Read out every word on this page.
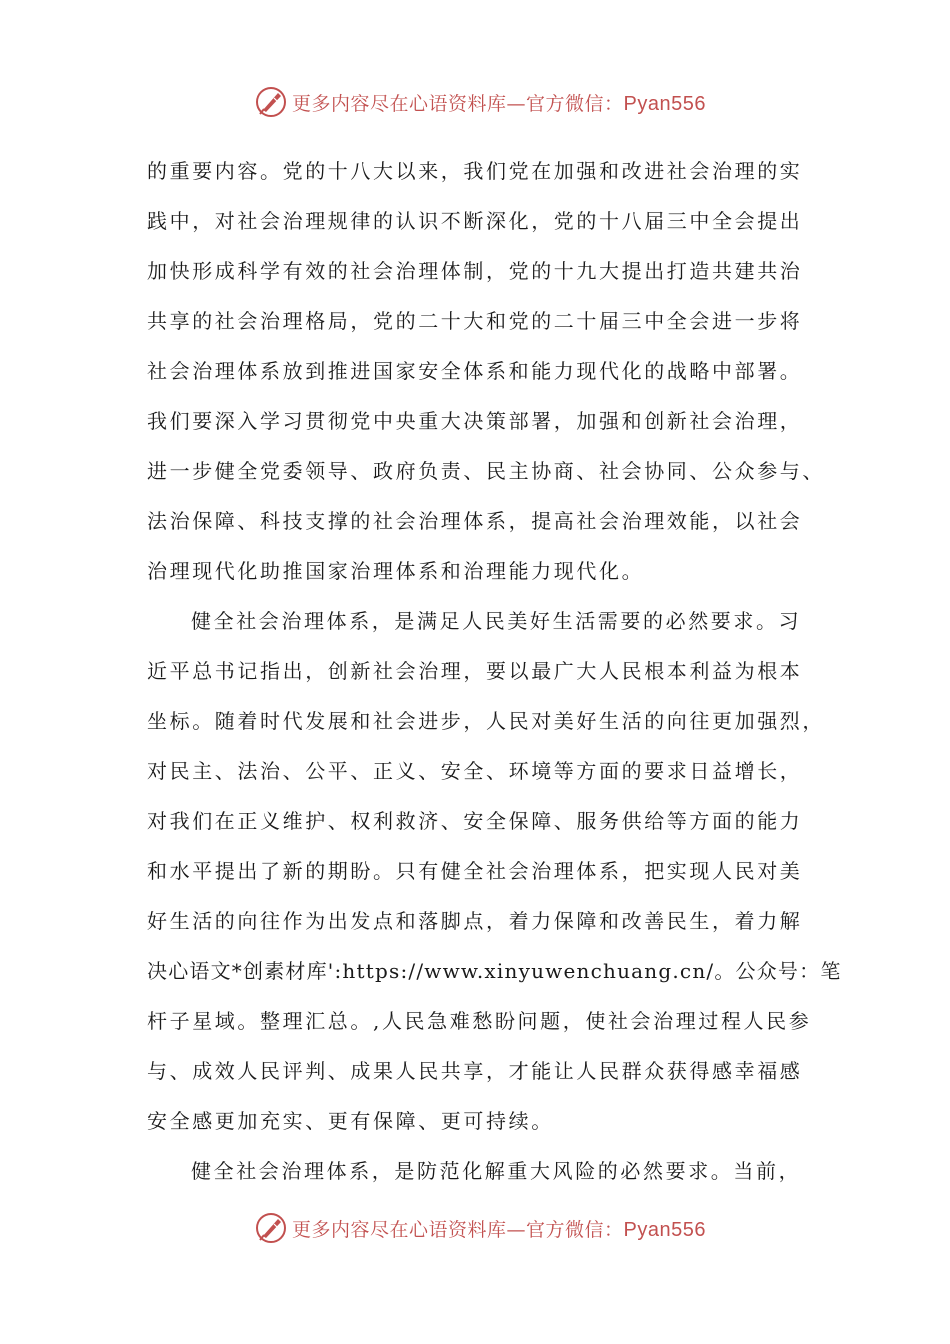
更多内容尽在心语资料库—官方微信：Pyan556
的重要内容。党的十八大以来，我们党在加强和改进社会治理的实
践中，对社会治理规律的认识不断深化，党的十八届三中全会提出
加快形成科学有效的社会治理体制，党的十九大提出打造共建共治
共享的社会治理格局，党的二十大和党的二十届三中全会进一步将
社会治理体系放到推进国家安全体系和能力现代化的战略中部署。
我们要深入学习贯彻党中央重大决策部署，加强和创新社会治理，
进一步健全党委领导、政府负责、民主协商、社会协同、公众参与、
法治保障、科技支撑的社会治理体系，提高社会治理效能，以社会
治理现代化助推国家治理体系和治理能力现代化。
健全社会治理体系，是满足人民美好生活需要的必然要求。习
近平总书记指出，创新社会治理，要以最广大人民根本利益为根本
坐标。随着时代发展和社会进步，人民对美好生活的向往更加强烈，
对民主、法治、公平、正义、安全、环境等方面的要求日益增长，
对我们在正义维护、权利救济、安全保障、服务供给等方面的能力
和水平提出了新的期盼。只有健全社会治理体系，把实现人民对美
好生活的向往作为出发点和落脚点，着力保障和改善民生，着力解
决心语文*创素材库':https://www.xinyuwenchuang.cn/。公众号：笔
杆子星域。整理汇总。,人民急难愁盼问题，使社会治理过程人民参
与、成效人民评判、成果人民共享，才能让人民群众获得感幸福感
安全感更加充实、更有保障、更可持续。
健全社会治理体系，是防范化解重大风险的必然要求。当前，
更多内容尽在心语资料库—官方微信：Pyan556
